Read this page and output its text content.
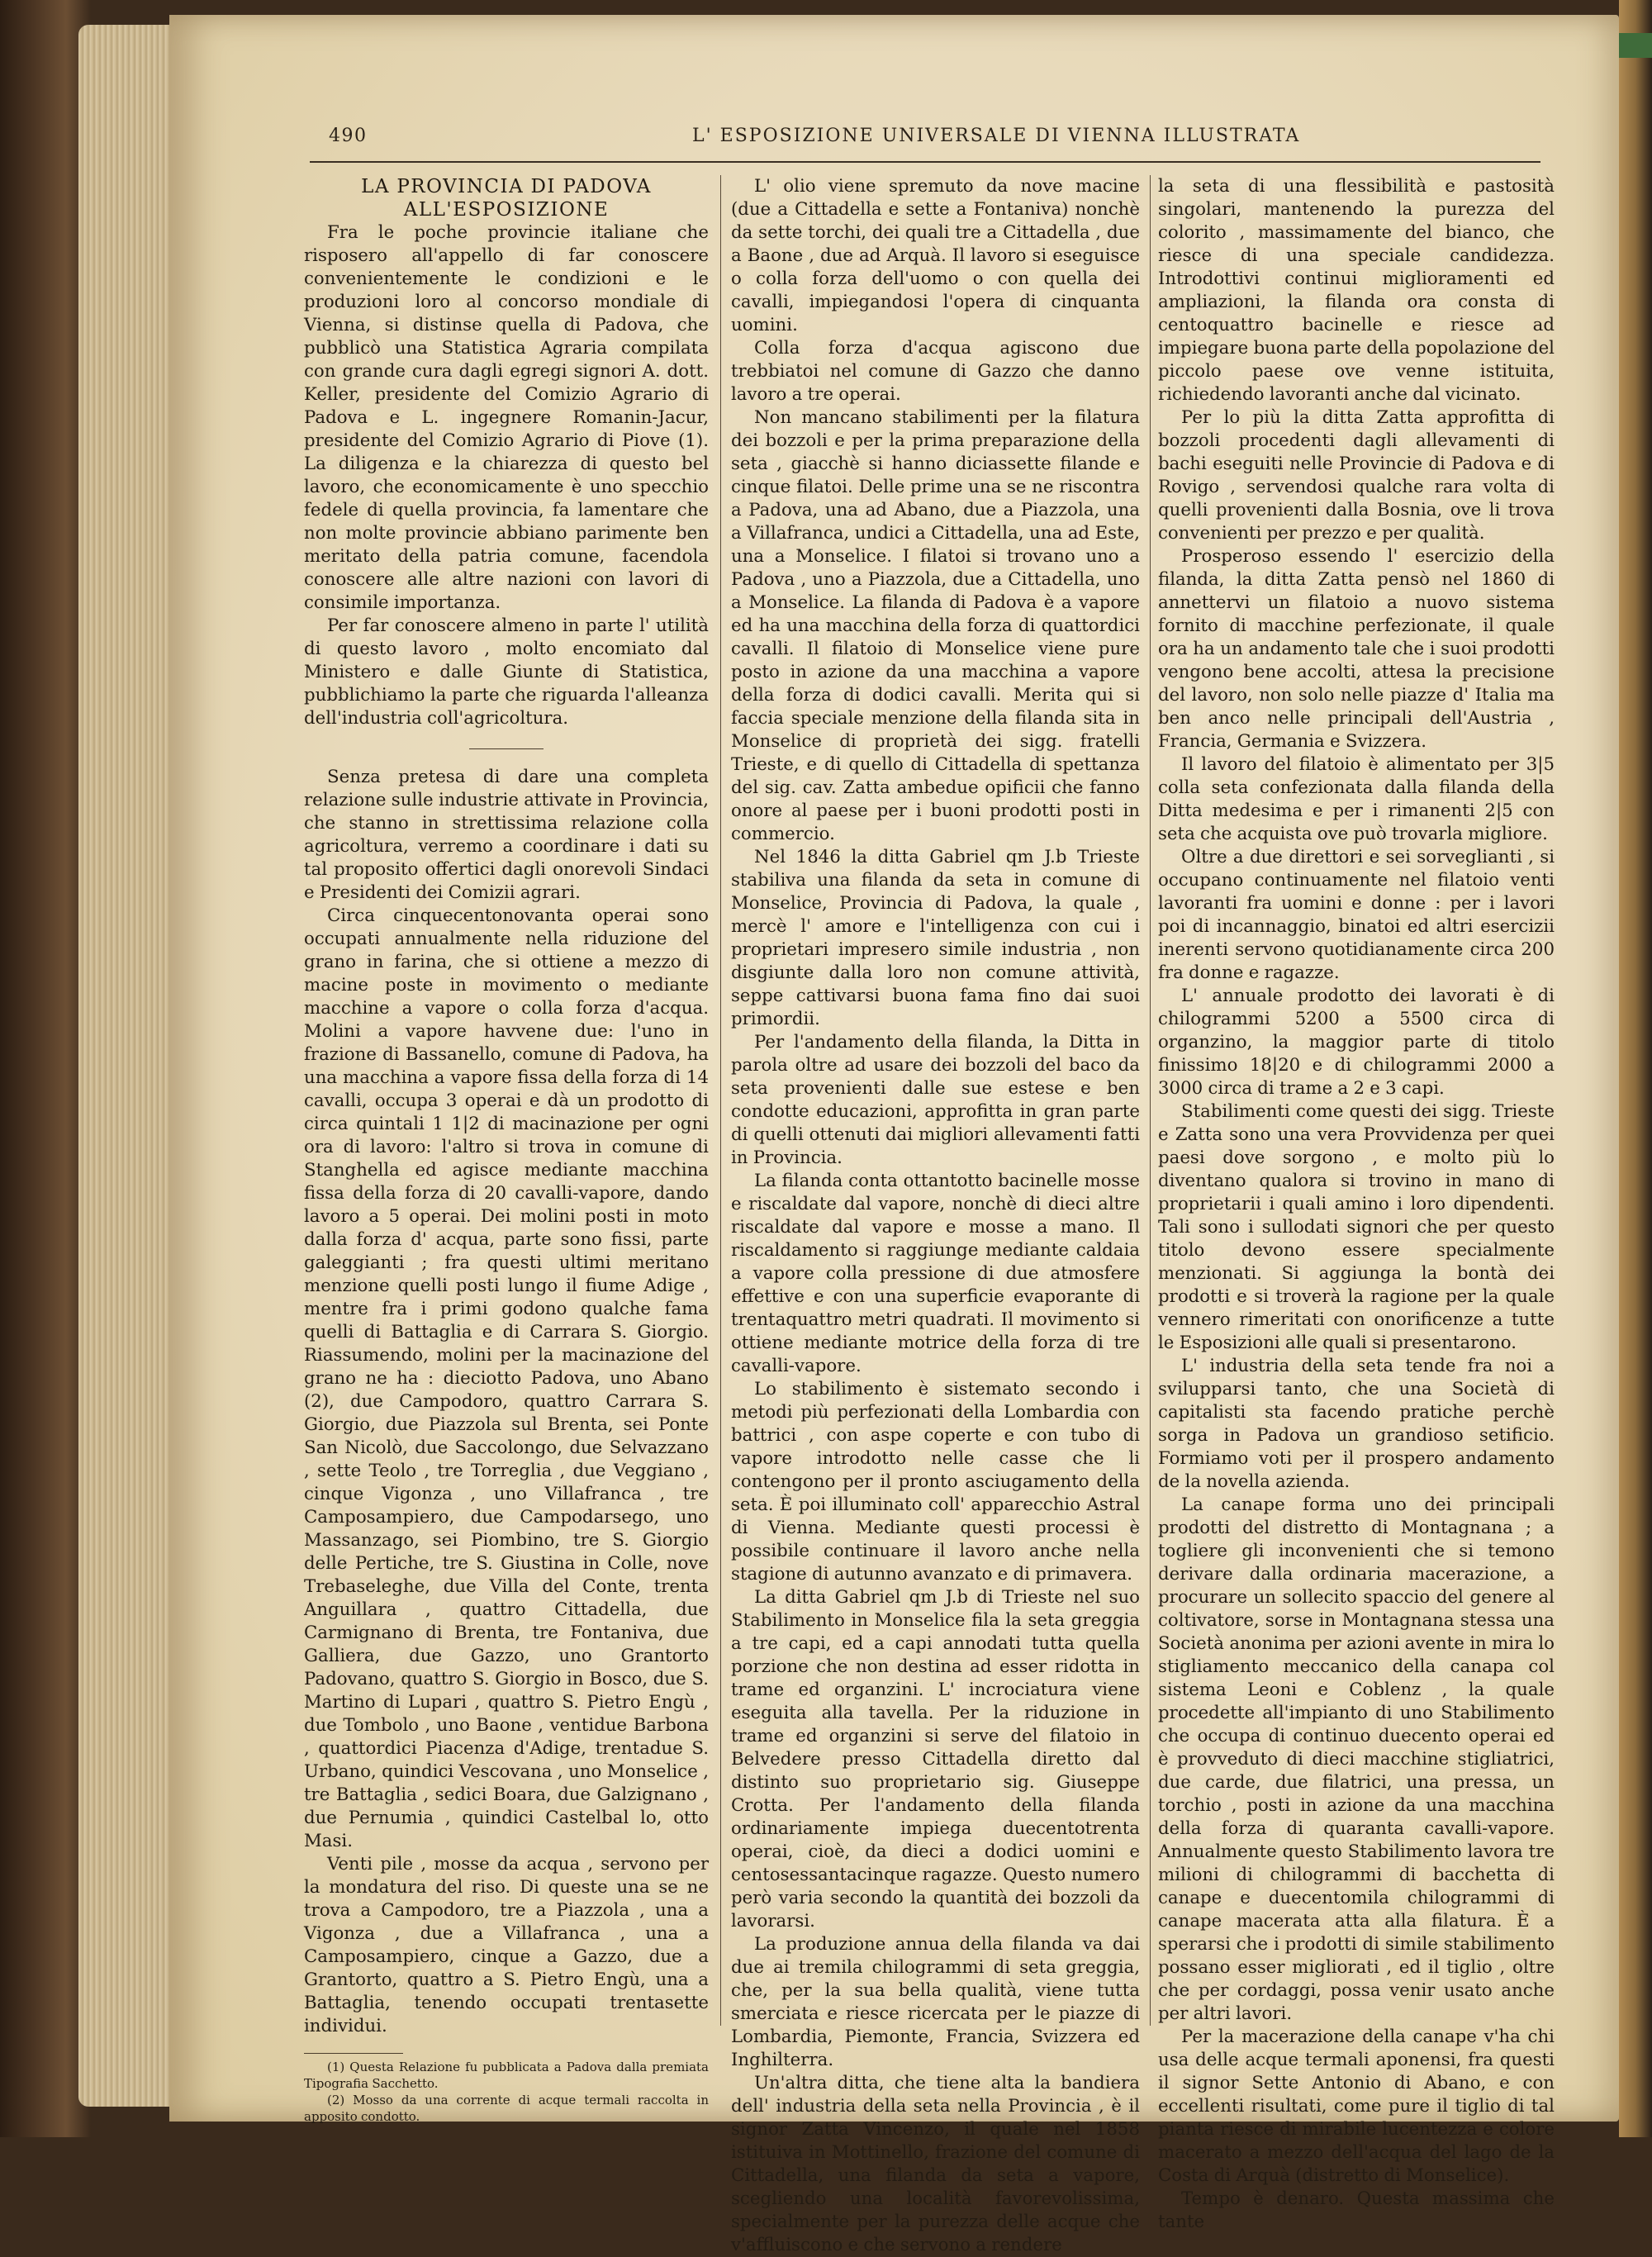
490	L' ESPOSIZIONE UNIVERSALE DI VIENNA ILLUSTRATA

LA PROVINCIA DI PADOVA ALL'ESPOSIZIONE

Fra le poche provincie italiane che risposero all'appello di far conoscere convenientemente le condizioni e le produzioni loro al concorso mondiale di Vienna, si distinse quella di Padova, che pubblicò una Statistica Agraria compilata con grande cura dagli egregi signori A. dott. Keller, presidente del Comizio Agrario di Padova e L. ingegnere Romanin-Jacur, presidente del Comizio Agrario di Piove (1). La diligenza e la chiarezza di questo bel lavoro, che economicamente è uno specchio fedele di quella provincia, fa lamentare che non molte provincie abbiano parimente ben meritato della patria comune, facendola conoscere alle altre nazioni con lavori di consimile importanza.

Per far conoscere almeno in parte l' utilità di questo lavoro , molto encomiato dal Ministero e dalle Giunte di Statistica, pubblichiamo la parte che riguarda l'alleanza dell'industria coll'agricoltura.

Senza pretesa di dare una completa relazione sulle industrie attivate in Provincia, che stanno in strettissima relazione colla agricoltura, verremo a coordinare i dati su tal proposito offertici dagli onorevoli Sindaci e Presidenti dei Comizii agrari.

Circa cinquecentonovanta operai sono occupati annualmente nella riduzione del grano in farina, che si ottiene a mezzo di macine poste in movimento o mediante macchine a vapore o colla forza d'acqua. Molini a vapore havvene due: l'uno in frazione di Bassanello, comune di Padova, ha una macchina a vapore fissa della forza di 14 cavalli, occupa 3 operai e dà un prodotto di circa quintali 1 1|2 di macinazione per ogni ora di lavoro: l'altro si trova in comune di Stanghella ed agisce mediante macchina fissa della forza di 20 cavalli-vapore, dando lavoro a 5 operai. Dei molini posti in moto dalla forza d' acqua, parte sono fissi, parte galeggianti ; fra questi ultimi meritano menzione quelli posti lungo il fiume Adige , mentre fra i primi godono qualche fama quelli di Battaglia e di Carrara S. Giorgio. Riassumendo, molini per la macinazione del grano ne ha : dieciotto Padova, uno Abano (2), due Campodoro, quattro Carrara S. Giorgio, due Piazzola sul Brenta, sei Ponte San Nicolò, due Saccolongo, due Selvazzano , sette Teolo , tre Torreglia , due Veggiano , cinque Vigonza , uno Villafranca , tre Camposampiero, due Campodarsego, uno Massanzago, sei Piombino, tre S. Giorgio delle Pertiche, tre S. Giustina in Colle, nove Trebaseleghe, due Villa del Conte, trenta Anguillara , quattro Cittadella, due Carmignano di Brenta, tre Fontaniva, due Galliera, due Gazzo, uno Grantorto Padovano, quattro S. Giorgio in Bosco, due S. Martino di Lupari , quattro S. Pietro Engù , due Tombolo , uno Baone , ventidue Barbona , quattordici Piacenza d'Adige, trentadue S. Urbano, quindici Vescovana , uno Monselice , tre Battaglia , sedici Boara, due Galzignano , due Pernumia , quindici Castelbal lo, otto Masi.

Venti pile , mosse da acqua , servono per la mondatura del riso. Di queste una se ne trova a Campodoro, tre a Piazzola , una a Vigonza , due a Villafranca , una a Camposampiero, cinque a Gazzo, due a Grantorto, quattro a S. Pietro Engù, una a Battaglia, tenendo occupati trentasette individui.

(1) Questa Relazione fu pubblicata a Padova dalla premiata Tipografia Sacchetto.

(2) Mosso da una corrente di acque termali raccolta in apposito condotto.

L' olio viene spremuto da nove macine (due a Cittadella e sette a Fontaniva) nonchè da sette torchi, dei quali tre a Cittadella , due a Baone , due ad Arquà. Il lavoro si eseguisce o colla forza dell'uomo o con quella dei cavalli, impiegandosi l'opera di cinquanta uomini.

Colla forza d'acqua agiscono due trebbiatoi nel comune di Gazzo che danno lavoro a tre operai.

Non mancano stabilimenti per la filatura dei bozzoli e per la prima preparazione della seta , giacchè si hanno diciassette filande e cinque filatoi. Delle prime una se ne riscontra a Padova, una ad Abano, due a Piazzola, una a Villafranca, undici a Cittadella, una ad Este, una a Monselice. I filatoi si trovano uno a Padova , uno a Piazzola, due a Cittadella, uno a Monselice. La filanda di Padova è a vapore ed ha una macchina della forza di quattordici cavalli. Il filatoio di Monselice viene pure posto in azione da una macchina a vapore della forza di dodici cavalli. Merita qui si faccia speciale menzione della filanda sita in Monselice di proprietà dei sigg. fratelli Trieste, e di quello di Cittadella di spettanza del sig. cav. Zatta ambedue opificii che fanno onore al paese per i buoni prodotti posti in commercio.

Nel 1846 la ditta Gabriel qm J.b Trieste stabiliva una filanda da seta in comune di Monselice, Provincia di Padova, la quale , mercè l' amore e l'intelligenza con cui i proprietari impresero simile industria , non disgiunte dalla loro non comune attività, seppe cattivarsi buona fama fino dai suoi primordii.

Per l'andamento della filanda, la Ditta in parola oltre ad usare dei bozzoli del baco da seta provenienti dalle sue estese e ben condotte educazioni, approfitta in gran parte di quelli ottenuti dai migliori allevamenti fatti in Provincia.

La filanda conta ottantotto bacinelle mosse e riscaldate dal vapore, nonchè di dieci altre riscaldate dal vapore e mosse a mano. Il riscaldamento si raggiunge mediante caldaia a vapore colla pressione di due atmosfere effettive e con una superficie evaporante di trentaquattro metri quadrati. Il movimento si ottiene mediante motrice della forza di tre cavalli-vapore.

Lo stabilimento è sistemato secondo i metodi più perfezionati della Lombardia con battrici , con aspe coperte e con tubo di vapore introdotto nelle casse che li contengono per il pronto asciugamento della seta. È poi illuminato coll' apparecchio Astral di Vienna. Mediante questi processi è possibile continuare il lavoro anche nella stagione di autunno avanzato e di primavera.

La ditta Gabriel qm J.b di Trieste nel suo Stabilimento in Monselice fila la seta greggia a tre capi, ed a capi annodati tutta quella porzione che non destina ad esser ridotta in trame ed organzini. L' incrociatura viene eseguita alla tavella. Per la riduzione in trame ed organzini si serve del filatoio in Belvedere presso Cittadella diretto dal distinto suo proprietario sig. Giuseppe Crotta. Per l'andamento della filanda ordinariamente impiega duecentotrenta operai, cioè, da dieci a dodici uomini e centosessantacinque ragazze. Questo numero però varia secondo la quantità dei bozzoli da lavorarsi.

La produzione annua della filanda va dai due ai tremila chilogrammi di seta greggia, che, per la sua bella qualità, viene tutta smerciata e riesce ricercata per le piazze di Lombardia, Piemonte, Francia, Svizzera ed Inghilterra.

Un'altra ditta, che tiene alta la bandiera dell' industria della seta nella Provincia , è il signor Zatta Vincenzo, il quale nel 1858 istituiva in Mottinello, frazione del comune di Cittadella, una filanda da seta a vapore, scegliendo una località favorevolissima, specialmente per la purezza delle acque che v'affluiscono e che servono a rendere

la seta di una flessibilità e pastosità singolari, mantenendo la purezza del colorito , massimamente del bianco, che riesce di una speciale candidezza. Introdottivi continui miglioramenti ed ampliazioni, la filanda ora consta di centoquattro bacinelle e riesce ad impiegare buona parte della popolazione del piccolo paese ove venne istituita, richiedendo lavoranti anche dal vicinato.

Per lo più la ditta Zatta approfitta di bozzoli procedenti dagli allevamenti di bachi eseguiti nelle Provincie di Padova e di Rovigo , servendosi qualche rara volta di quelli provenienti dalla Bosnia, ove li trova convenienti per prezzo e per qualità.

Prosperoso essendo l' esercizio della filanda, la ditta Zatta pensò nel 1860 di annettervi un filatoio a nuovo sistema fornito di macchine perfezionate, il quale ora ha un andamento tale che i suoi prodotti vengono bene accolti, attesa la precisione del lavoro, non solo nelle piazze d' Italia ma ben anco nelle principali dell'Austria , Francia, Germania e Svizzera.

Il lavoro del filatoio è alimentato per 3|5 colla seta confezionata dalla filanda della Ditta medesima e per i rimanenti 2|5 con seta che acquista ove può trovarla migliore.

Oltre a due direttori e sei sorveglianti , si occupano continuamente nel filatoio venti lavoranti fra uomini e donne : per i lavori poi di incannaggio, binatoi ed altri esercizii inerenti servono quotidianamente circa 200 fra donne e ragazze.

L' annuale prodotto dei lavorati è di chilogrammi 5200 a 5500 circa di organzino, la maggior parte di titolo finissimo 18|20 e di chilogrammi 2000 a 3000 circa di trame a 2 e 3 capi.

Stabilimenti come questi dei sigg. Trieste e Zatta sono una vera Provvidenza per quei paesi dove sorgono , e molto più lo diventano qualora si trovino in mano di proprietarii i quali amino i loro dipendenti. Tali sono i sullodati signori che per questo titolo devono essere specialmente menzionati. Si aggiunga la bontà dei prodotti e si troverà la ragione per la quale vennero rimeritati con onorificenze a tutte le Esposizioni alle quali si presentarono.

L' industria della seta tende fra noi a svilupparsi tanto, che una Società di capitalisti sta facendo pratiche perchè sorga in Padova un grandioso setificio. Formiamo voti per il prospero andamento de la novella azienda.

La canape forma uno dei principali prodotti del distretto di Montagnana ; a togliere gli inconvenienti che si temono derivare dalla ordinaria macerazione, a procurare un sollecito spaccio del genere al coltivatore, sorse in Montagnana stessa una Società anonima per azioni avente in mira lo stigliamento meccanico della canapa col sistema Leoni e Coblenz , la quale procedette all'impianto di uno Stabilimento che occupa di continuo duecento operai ed è provveduto di dieci macchine stigliatrici, due carde, due filatrici, una pressa, un torchio , posti in azione da una macchina della forza di quaranta cavalli-vapore. Annualmente questo Stabilimento lavora tre milioni di chilogrammi di bacchetta di canape e duecentomila chilogrammi di canape macerata atta alla filatura. È a sperarsi che i prodotti di simile stabilimento possano esser migliorati , ed il tiglio , oltre che per cordaggi, possa venir usato anche per altri lavori.

Per la macerazione della canape v'ha chi usa delle acque termali aponensi, fra questi il signor Sette Antonio di Abano, e con eccellenti risultati, come pure il tiglio di tal pianta riesce di mirabile lucentezza e colore macerato a mezzo dell'acqua del lago de la Costa di Arquà (distretto di Monselice).

Tempo è denaro. Questa massima che tante
